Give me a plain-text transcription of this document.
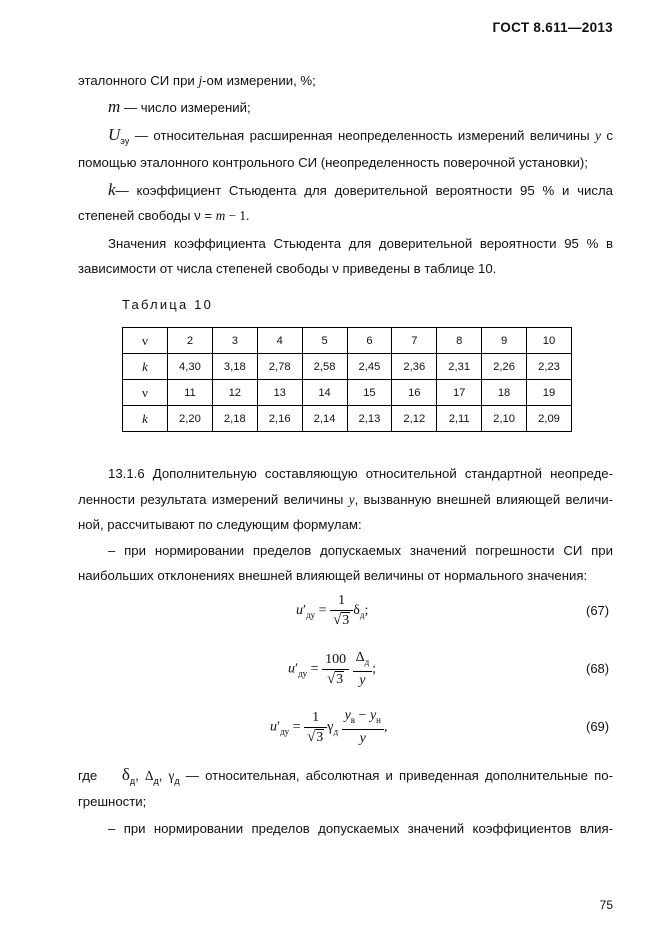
ГОСТ 8.611—2013
эталонного СИ при j-ом измерении, %;
m — число измерений;
$U_{эу}$ — относительная расширенная неопределенность измерений величины y с
помощью эталонного контрольного СИ (неопределенность поверочной установки);
k— коэффициент Стьюдента для доверительной вероятности 95 % и числа
степеней свободы ν = m − 1.
Значения коэффициента Стьюдента для доверительной вероятности 95 % в
зависимости от числа степеней свободы ν приведены в таблице 10.
Таблица 10
ν	2	3	4	5	6	7	8	9	10
k	4,30	3,18	2,78	2,58	2,45	2,36	2,31	2,26	2,23
ν	11	12	13	14	15	16	17	18	19
k	2,20	2,18	2,16	2,14	2,13	2,12	2,11	2,10	2,09
13.1.6 Дополнительную составляющую относительной стандартной неопреде-
ленности результата измерений величины y, вызванную внешней влияющей величи-
ной, рассчитывают по следующим формулам:
– при нормировании пределов допускаемых значений погрешности СИ при
наибольших отклонениях внешней влияющей величины от нормального значения:
$u'_{дy} = \frac{1}{√3} \delta_д$;	(67)
$u'_{дy} = \frac{100}{√3}$
$\frac{\Delta_д}{y}$ ;	(68)
$u'_{дy} = \frac{1}{√3} \gamma_д \frac{y_в - y_н}{y}$ ,	(69)
где $\delta_д$, $\Delta_д$, $\gamma_д$ — относительная, абсолютная и приведенная дополнительные по-
грешности;
– при нормировании пределов допускаемых значений коэффициентов влия-
75
